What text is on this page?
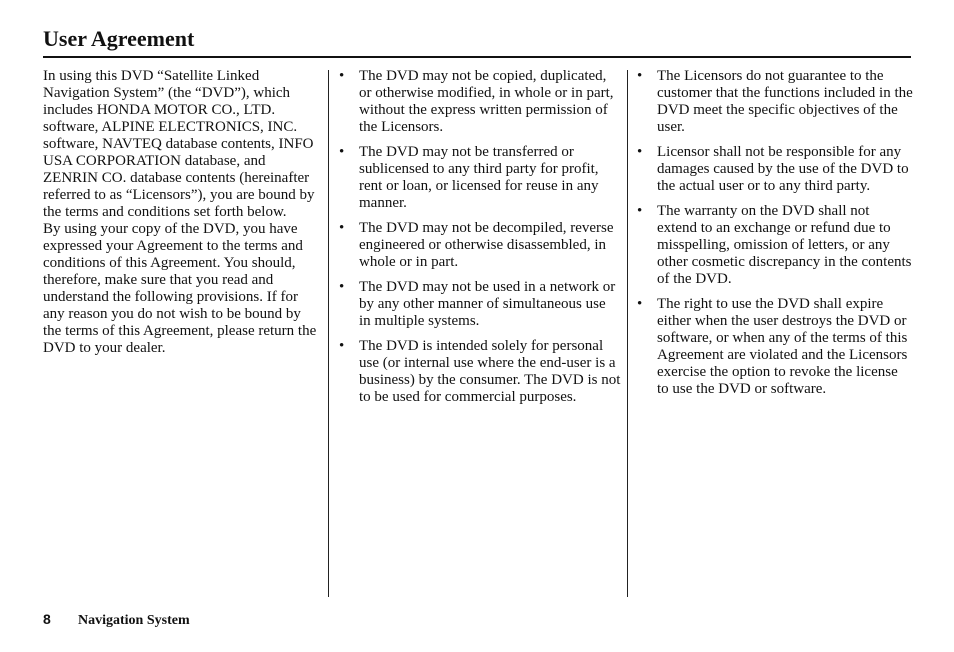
User Agreement

In using this DVD “Satellite Linked Navigation System” (the “DVD”), which includes HONDA MOTOR CO., LTD. software, ALPINE ELECTRONICS, INC. software, NAVTEQ database contents, INFO USA CORPORATION database, and ZENRIN CO. database contents (hereinafter referred to as “Licensors”), you are bound by the terms and conditions set forth below.

By using your copy of the DVD, you have expressed your Agreement to the terms and conditions of this Agreement. You should, therefore, make sure that you read and understand the following provisions. If for any reason you do not wish to be bound by the terms of this Agreement, please return the DVD to your dealer.

• The DVD may not be copied, duplicated, or otherwise modified, in whole or in part, without the express written permission of the Licensors.
• The DVD may not be transferred or sublicensed to any third party for profit, rent or loan, or licensed for reuse in any manner.
• The DVD may not be decompiled, reverse engineered or otherwise disassembled, in whole or in part.
• The DVD may not be used in a network or by any other manner of simultaneous use in multiple systems.
• The DVD is intended solely for personal use (or internal use where the end-user is a business) by the consumer. The DVD is not to be used for commercial purposes.
• The Licensors do not guarantee to the customer that the functions included in the DVD meet the specific objectives of the user.
• Licensor shall not be responsible for any damages caused by the use of the DVD to the actual user or to any third party.
• The warranty on the DVD shall not extend to an exchange or refund due to misspelling, omission of letters, or any other cosmetic discrepancy in the contents of the DVD.
• The right to use the DVD shall expire either when the user destroys the DVD or software, or when any of the terms of this Agreement are violated and the Licensors exercise the option to revoke the license to use the DVD or software.
8 Navigation System
